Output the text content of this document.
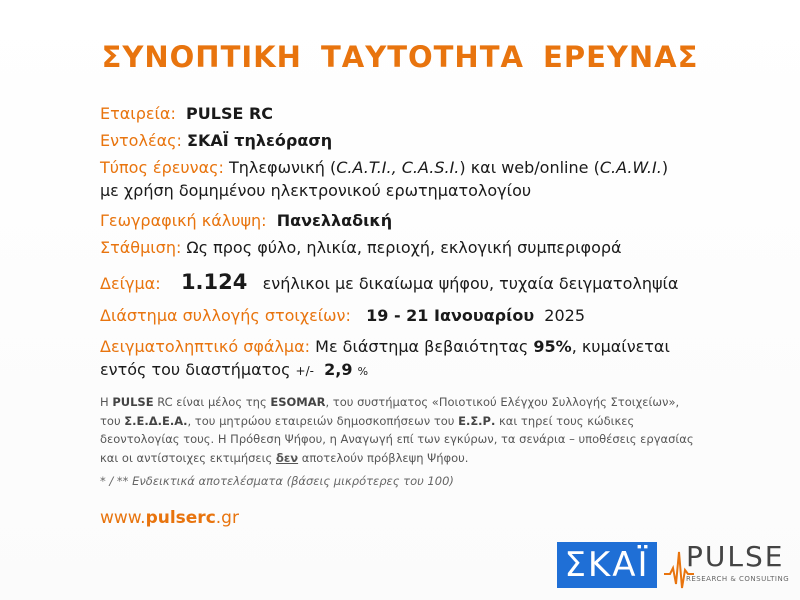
ΣΥΝΟΠΤΙΚΗ ΤΑΥΤΟΤΗΤΑ ΕΡΕΥΝΑΣ
Εταιρεία: PULSE RC
Εντολέας: ΣΚΑΪ τηλεόραση
Τύπος έρευνας: Τηλεφωνική (C.A.T.I., C.A.S.I.) και web/online (C.A.W.I.)
με χρήση δομημένου ηλεκτρονικού ερωτηματολογίου
Γεωγραφική κάλυψη: Πανελλαδική
Στάθμιση: Ως προς φύλο, ηλικία, περιοχή, εκλογική συμπεριφορά
Δείγμα: 1.124 ενήλικοι με δικαίωμα ψήφου, τυχαία δειγματοληψία
Διάστημα συλλογής στοιχείων: 19 - 21 Ιανουαρίου 2025
Δειγματοληπτικό σφάλμα: Με διάστημα βεβαιότητας 95%, κυμαίνεται
εντός του διαστήματος +/- 2,9 %
Η PULSE RC είναι μέλος της ESOMAR, του συστήματος «Ποιοτικού Ελέγχου Συλλογής Στοιχείων», του Σ.Ε.Δ.Ε.Α., του μητρώου εταιρειών δημοσκοπήσεων του Ε.Σ.Ρ. και τηρεί τους κώδικες δεοντολογίας τους. Η Πρόθεση Ψήφου, η Αναγωγή επί των εγκύρων, τα σενάρια – υποθέσεις εργασίας και οι αντίστοιχες εκτιμήσεις δεν αποτελούν πρόβλεψη Ψήφου.
* / ** Ενδεικτικά αποτελέσματα (βάσεις μικρότερες του 100)
www.pulserc.gr
ΣΚΑΪ PULSE
RESEARCH & CONSULTING
